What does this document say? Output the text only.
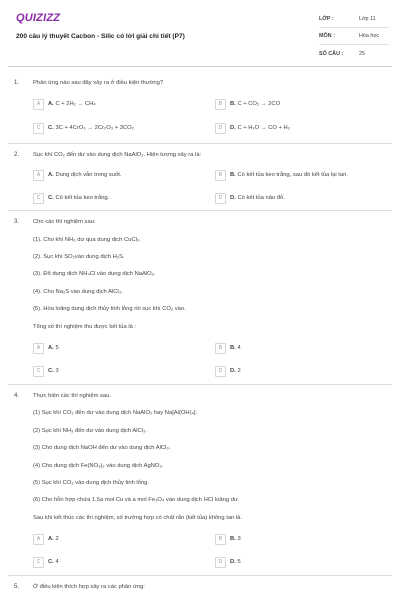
QUIZIZZ
200 câu lý thuyết Cacbon - Silic có lời giải chi tiết (P7)
LỚP :	Lớp 11
MÔN :	Hóa học
SỐ CÂU :	25
1. Phản ứng nào sau đây xảy ra ở điều kiện thường?
A	A. C + 2H₂ → CH₄	B	B. C + CO₂ → 2CO
C	C. 3C + 4CrO₃ → 2Cr₂O₃ + 3CO₂	D	D. C + H₂O → CO + H₂
2. Sục khí CO₂ đến dư vào dung dịch NaAlO₂. Hiện tượng xảy ra là:
A	A. Dung dịch vẫn trong suốt.	B	B. Có kết tủa keo trắng, sau đó kết tủa lại tan.
C	C. Có kết tủa keo trắng.	D	D. Có kết tủa nâu đỏ.
3. Cho các thí nghiệm sau:
(1). Cho khí NH₃ dư qua dung dịch CuCl₂.
(2). Sục khí SO₂vào dung dịch H₂S.
(3). Đổ dung dịch NH₄Cl vào dung dịch NaAlO₂.
(4). Cho Na₂S vào dung dịch AlCl₃.
(5). Hòa loãng dung dịch thủy tinh lỏng rồi sục khí CO₂ vào.
Tổng số thí nghiệm thu được kết tủa là :
A	A. 5	B	B. 4
C	C. 3	D	D. 2
4. Thực hiện các thí nghiệm sau.
(1) Sục khí CO₂ đến dư vào dung dịch NaAlO₂ hay Na[Al(OH)₄].
(2) Sục khí NH₃ đến dư vào dung dịch AlCl₃.
(3) Cho dung dịch NaOH đến dư vào dung dịch AlCl₃.
(4) Cho dung dịch Fe(NO₃)₂ vào dung dịch AgNO₃.
(5) Sục khí CO₂ vào dung dịch thủy tinh lỏng.
(6) Cho hỗn hợp chứa 1,5a mol Cu và a mol Fe₃O₄ vào dung dịch HCl loãng dư.
Sau khi kết thúc các thí nghiệm, số trường hợp có chất rắn (kết tủa) không tan là.
A	A. 2	B	B. 3
C	C. 4	D	D. 5
5. Ở điều kiện thích hợp xảy ra các phản ứng:
